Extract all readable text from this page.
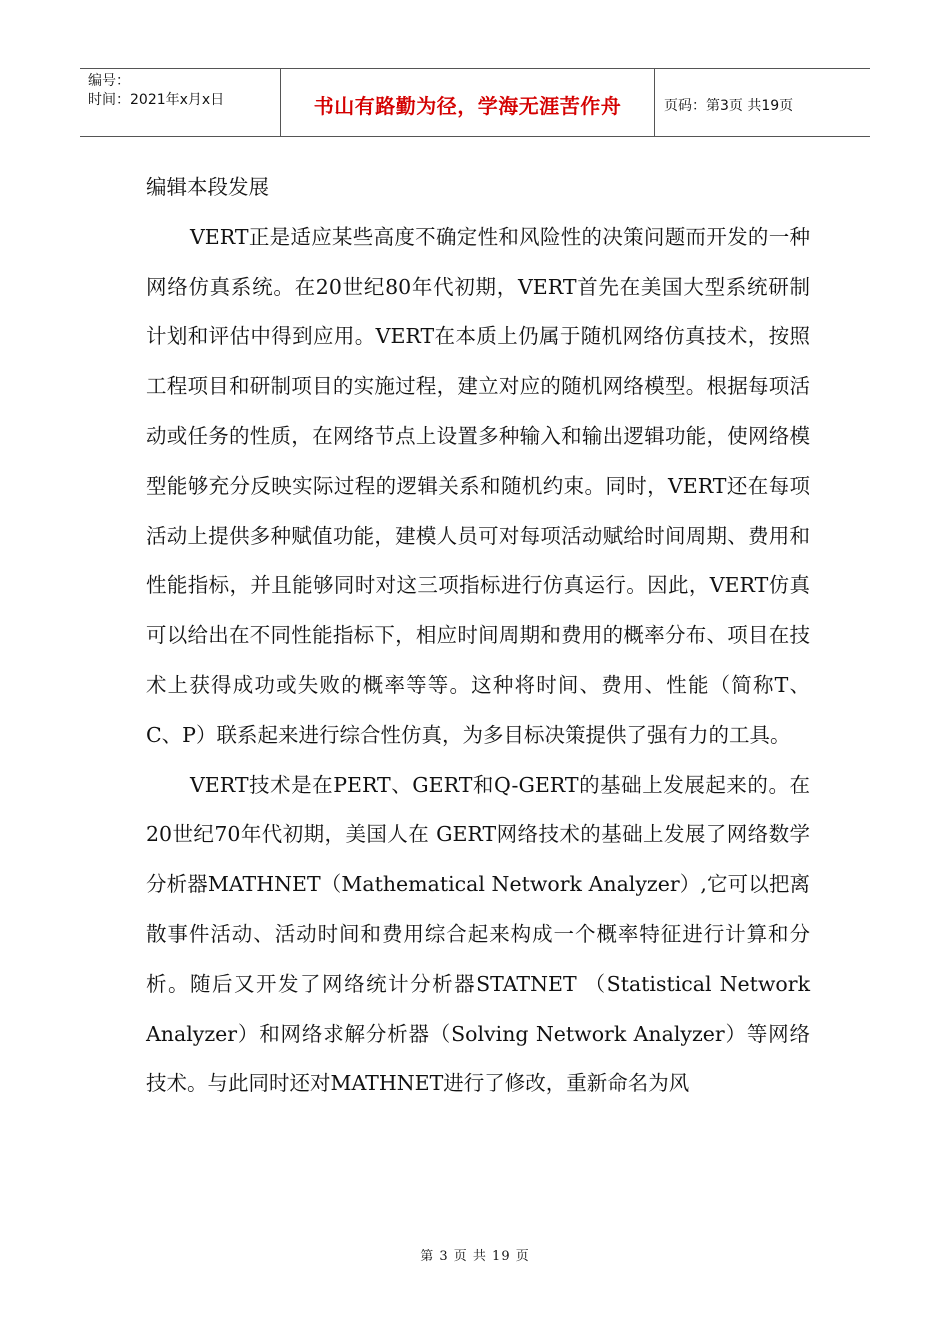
编号：
时间：2021年x月x日	书山有路勤为径，学海无涯苦作舟	页码：第3页 共19页

编辑本段发展

VERT正是适应某些高度不确定性和风险性的决策问题而开发的一种网络仿真系统。在20世纪80年代初期，VERT首先在美国大型系统研制计划和评估中得到应用。VERT在本质上仍属于随机网络仿真技术，按照工程项目和研制项目的实施过程，建立对应的随机网络模型。根据每项活动或任务的性质，在网络节点上设置多种输入和输出逻辑功能，使网络模型能够充分反映实际过程的逻辑关系和随机约束。同时，VERT还在每项活动上提供多种赋值功能，建模人员可对每项活动赋给时间周期、费用和性能指标，并且能够同时对这三项指标进行仿真运行。因此，VERT仿真可以给出在不同性能指标下，相应时间周期和费用的概率分布、项目在技术上获得成功或失败的概率等等。这种将时间、费用、性能（简称T、C、P）联系起来进行综合性仿真，为多目标决策提供了强有力的工具。

VERT技术是在PERT、GERT和Q-GERT的基础上发展起来的。在20世纪70年代初期，美国人在 GERT网络技术的基础上发展了网络数学分析器MATHNET（Mathematical Network Analyzer）,它可以把离散事件活动、活动时间和费用综合起来构成一个概率特征进行计算和分析。随后又开发了网络统计分析器STATNET （Statistical Network Analyzer）和网络求解分析器（Solving Network Analyzer）等网络技术。与此同时还对MATHNET进行了修改，重新命名为风

第 3 页 共 19 页
